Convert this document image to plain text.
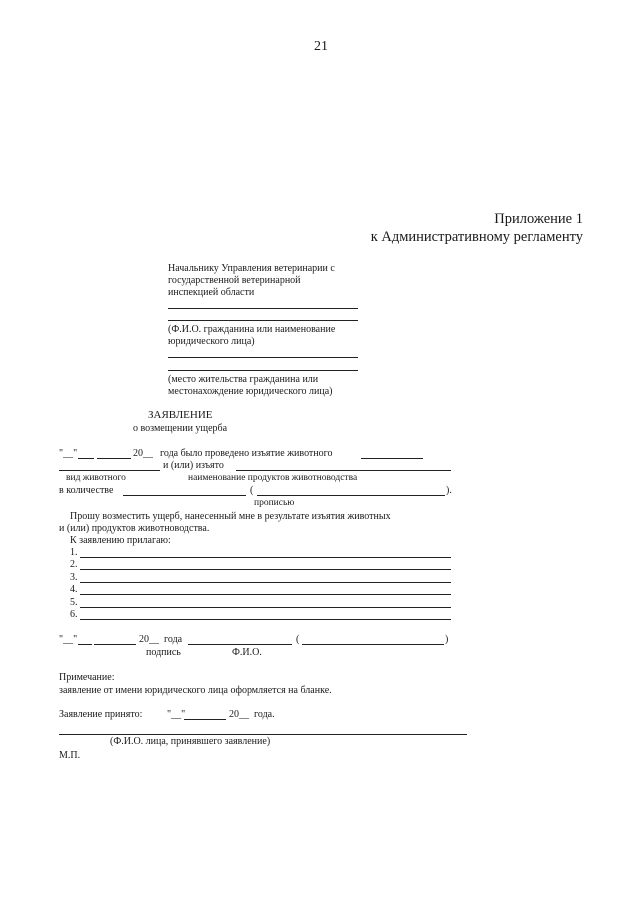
21
Приложение 1
к Административному регламенту
Начальнику Управления ветеринарии с
государственной ветеринарной
инспекцией области
(Ф.И.О. гражданина или наименование
юридического лица)
(место жительства гражданина или
местонахождение юридического лица)
ЗАЯВЛЕНИЕ
о возмещении ущерба
"__"	20__ года было проведено изъятие животного
и (или) изъято
вид животного	наименование продуктов животноводства
в количестве	(	).
прописью
Прошу возместить ущерб, нанесенный мне в результате изъятия животных
и (или) продуктов животноводства.
К заявлению прилагаю:
1.
2.
3.
4.
5.
6.
"__"	20__ года	(	)
подпись	Ф.И.О.
Примечание:
заявление от имени юридического лица оформляется на бланке.
Заявление принято: "__"	20__ года.
(Ф.И.О. лица, принявшего заявление)
М.П.
